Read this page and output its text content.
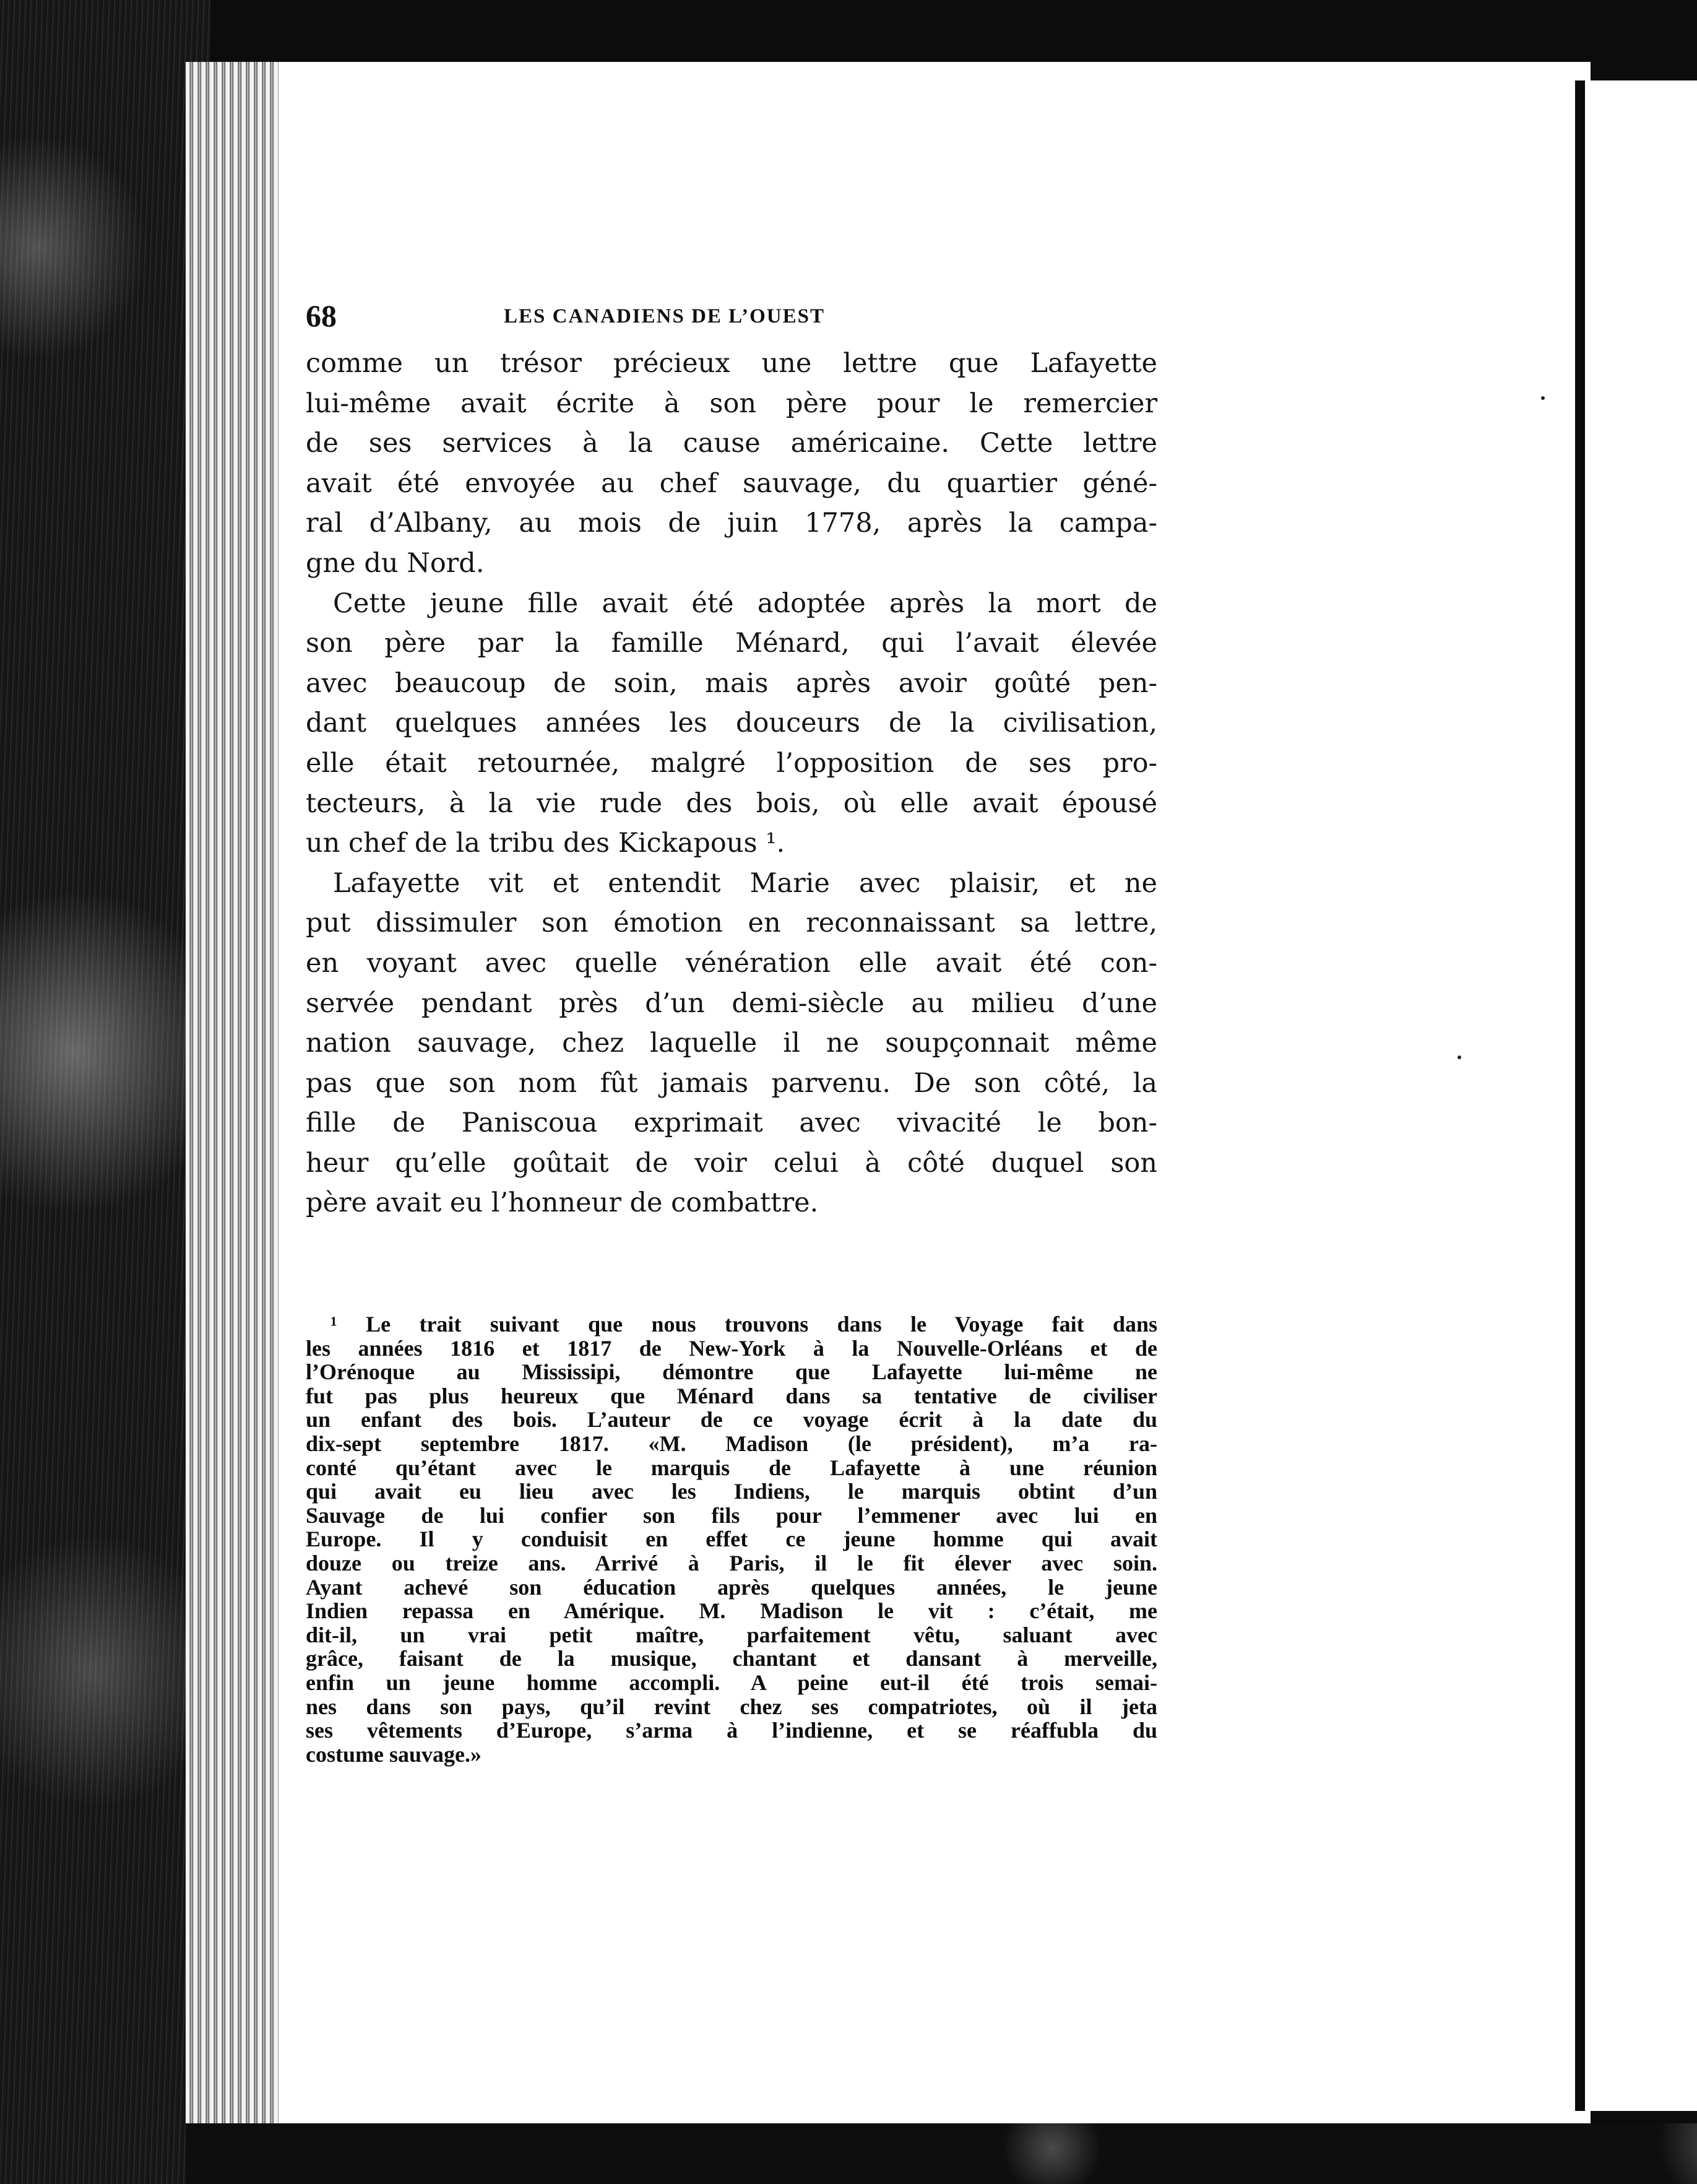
68	LES CANADIENS DE L’OUEST
comme un trésor précieux une lettre que Lafayette
lui-même avait écrite à son père pour le remercier
de ses services à la cause américaine. Cette lettre
avait été envoyée au chef sauvage, du quartier géné-
ral d’Albany, au mois de juin 1778, après la campa-
gne du Nord.
Cette jeune fille avait été adoptée après la mort de
son père par la famille Ménard, qui l’avait élevée
avec beaucoup de soin, mais après avoir goûté pen-
dant quelques années les douceurs de la civilisation,
elle était retournée, malgré l’opposition de ses pro-
tecteurs, à la vie rude des bois, où elle avait épousé
un chef de la tribu des Kickapous ¹.
Lafayette vit et entendit Marie avec plaisir, et ne
put dissimuler son émotion en reconnaissant sa lettre,
en voyant avec quelle vénération elle avait été con-
servée pendant près d’un demi-siècle au milieu d’une
nation sauvage, chez laquelle il ne soupçonnait même
pas que son nom fût jamais parvenu. De son côté, la
fille de Paniscoua exprimait avec vivacité le bon-
heur qu’elle goûtait de voir celui à côté duquel son
père avait eu l’honneur de combattre.
¹ Le trait suivant que nous trouvons dans le Voyage fait dans
les années 1816 et 1817 de New-York à la Nouvelle-Orléans et de
l’Orénoque au Mississipi, démontre que Lafayette lui-même ne
fut pas plus heureux que Ménard dans sa tentative de civiliser
un enfant des bois. L’auteur de ce voyage écrit à la date du
dix-sept septembre 1817. «M. Madison (le président), m’a ra-
conté qu’étant avec le marquis de Lafayette à une réunion
qui avait eu lieu avec les Indiens, le marquis obtint d’un
Sauvage de lui confier son fils pour l’emmener avec lui en
Europe. Il y conduisit en effet ce jeune homme qui avait
douze ou treize ans. Arrivé à Paris, il le fit élever avec soin.
Ayant achevé son éducation après quelques années, le jeune
Indien repassa en Amérique. M. Madison le vit : c’était, me
dit-il, un vrai petit maître, parfaitement vêtu, saluant avec
grâce, faisant de la musique, chantant et dansant à merveille,
enfin un jeune homme accompli. A peine eut-il été trois semai-
nes dans son pays, qu’il revint chez ses compatriotes, où il jeta
ses vêtements d’Europe, s’arma à l’indienne, et se réaffubla du
costume sauvage.»
